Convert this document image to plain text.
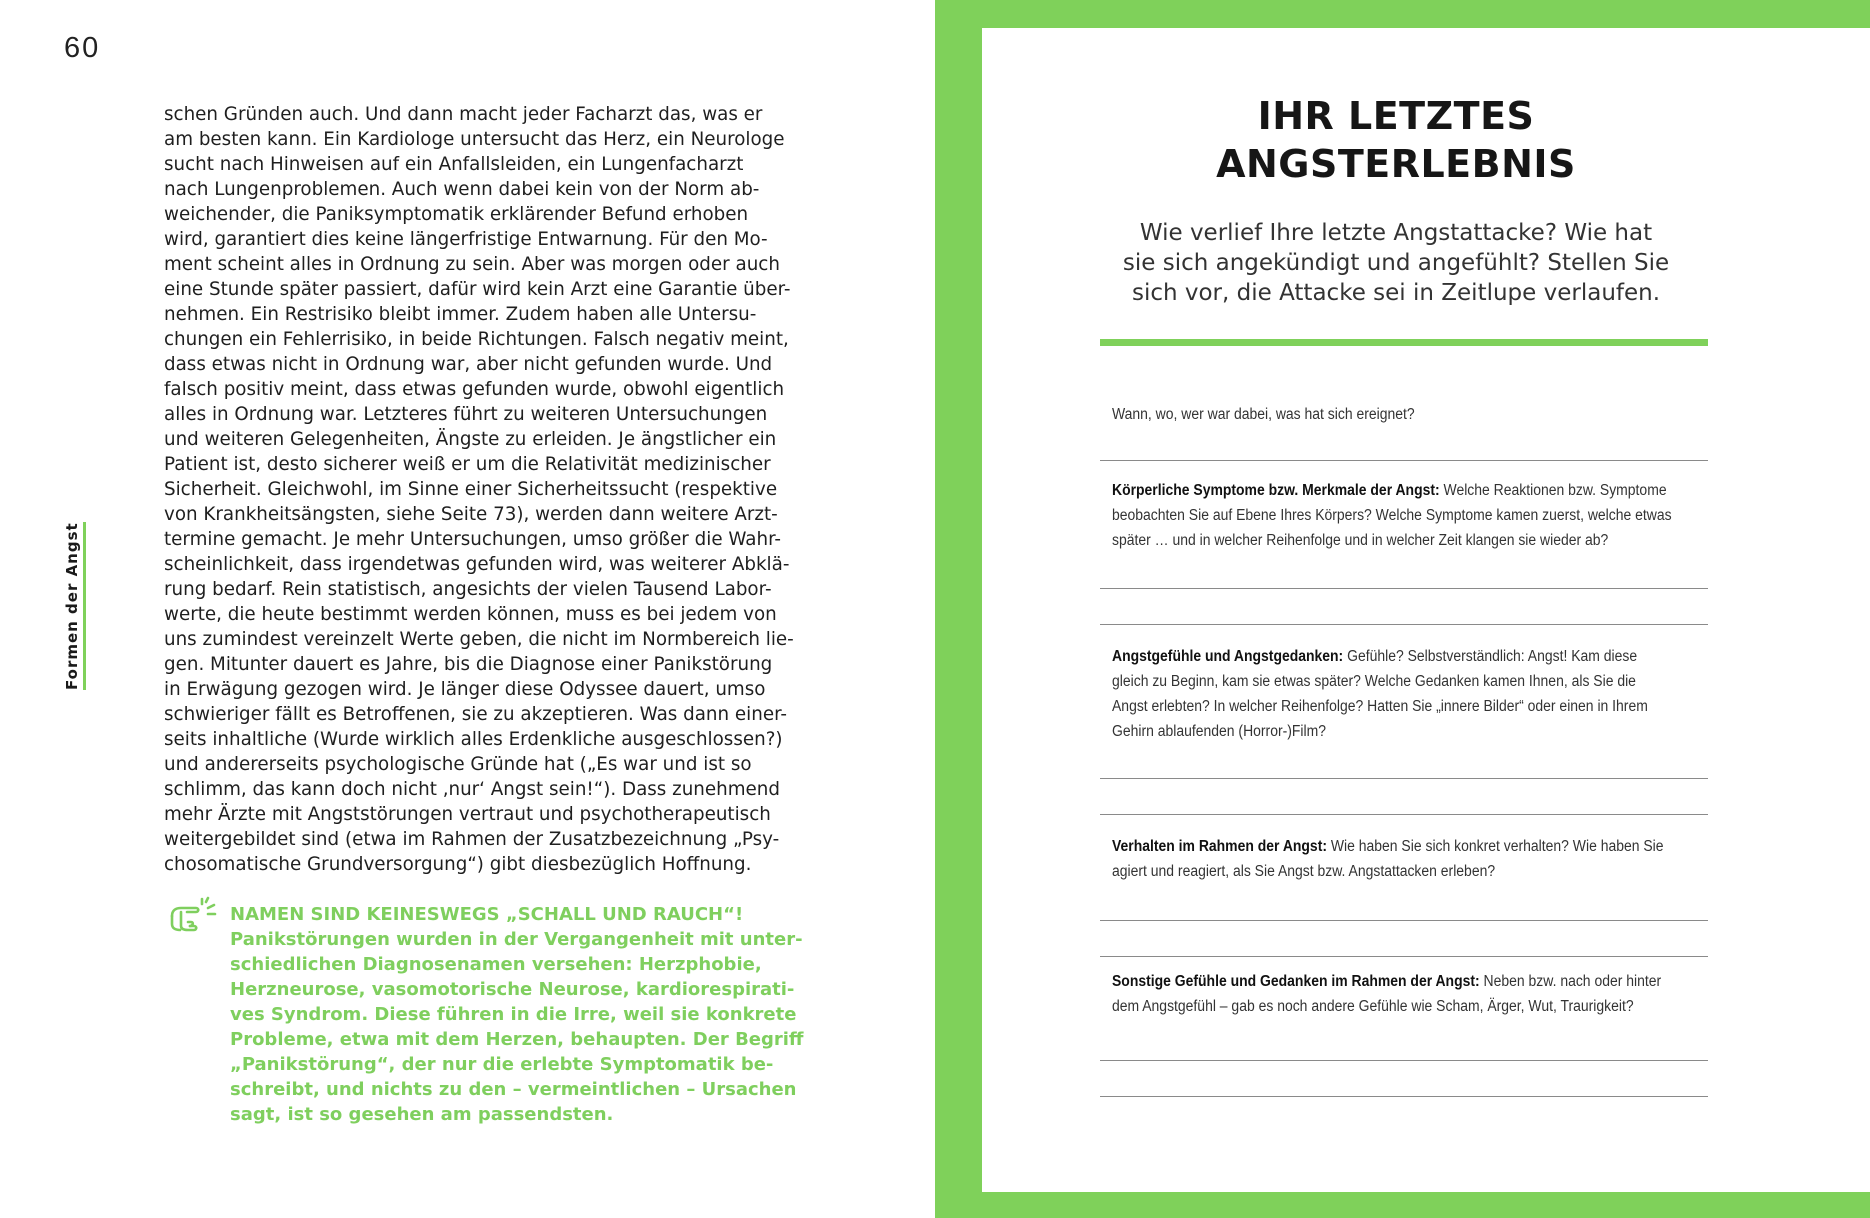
60
Formen der Angst
schen Gründen auch. Und dann macht jeder Facharzt das, was er
am besten kann. Ein Kardiologe untersucht das Herz, ein Neurologe
sucht nach Hinweisen auf ein Anfallsleiden, ein Lungenfacharzt
nach Lungenproblemen. Auch wenn dabei kein von der Norm ab-
weichender, die Paniksymptomatik erklärender Befund erhoben
wird, garantiert dies keine längerfristige Entwarnung. Für den Mo-
ment scheint alles in Ordnung zu sein. Aber was morgen oder auch
eine Stunde später passiert, dafür wird kein Arzt eine Garantie über-
nehmen. Ein Restrisiko bleibt immer. Zudem haben alle Untersu-
chungen ein Fehlerrisiko, in beide Richtungen. Falsch negativ meint,
dass etwas nicht in Ordnung war, aber nicht gefunden wurde. Und
falsch positiv meint, dass etwas gefunden wurde, obwohl eigentlich
alles in Ordnung war. Letzteres führt zu weiteren Untersuchungen
und weiteren Gelegenheiten, Ängste zu erleiden. Je ängstlicher ein
Patient ist, desto sicherer weiß er um die Relativität medizinischer
Sicherheit. Gleichwohl, im Sinne einer Sicherheitssucht (respektive
von Krankheitsängsten, siehe Seite 73), werden dann weitere Arzt-
termine gemacht. Je mehr Untersuchungen, umso größer die Wahr-
scheinlichkeit, dass irgendetwas gefunden wird, was weiterer Abklä-
rung bedarf. Rein statistisch, angesichts der vielen Tausend Labor-
werte, die heute bestimmt werden können, muss es bei jedem von
uns zumindest vereinzelt Werte geben, die nicht im Normbereich lie-
gen. Mitunter dauert es Jahre, bis die Diagnose einer Panikstörung
in Erwägung gezogen wird. Je länger diese Odyssee dauert, umso
schwieriger fällt es Betroffenen, sie zu akzeptieren. Was dann einer-
seits inhaltliche (Wurde wirklich alles Erdenkliche ausgeschlossen?)
und andererseits psychologische Gründe hat („Es war und ist so
schlimm, das kann doch nicht ‚nur‘ Angst sein!“). Dass zunehmend
mehr Ärzte mit Angststörungen vertraut und psychotherapeutisch
weitergebildet sind (etwa im Rahmen der Zusatzbezeichnung „Psy-
chosomatische Grundversorgung“) gibt diesbezüglich Hoffnung.
NAMEN SIND KEINESWEGS „SCHALL UND RAUCH“!
Panikstörungen wurden in der Vergangenheit mit unter-
schiedlichen Diagnosenamen versehen: Herzphobie,
Herzneurose, vasomotorische Neurose, kardiorespirati-
ves Syndrom. Diese führen in die Irre, weil sie konkrete
Probleme, etwa mit dem Herzen, behaupten. Der Begriff
„Panikstörung“, der nur die erlebte Symptomatik be-
schreibt, und nichts zu den – vermeintlichen – Ursachen
sagt, ist so gesehen am passendsten.
IHR LETZTES
ANGSTERLEBNIS
Wie verlief Ihre letzte Angstattacke? Wie hat
sie sich angekündigt und angefühlt? Stellen Sie
sich vor, die Attacke sei in Zeitlupe verlaufen.
Wann, wo, wer war dabei, was hat sich ereignet?
Körperliche Symptome bzw. Merkmale der Angst: Welche Reaktionen bzw. Symptome
beobachten Sie auf Ebene Ihres Körpers? Welche Symptome kamen zuerst, welche etwas
später … und in welcher Reihenfolge und in welcher Zeit klangen sie wieder ab?
Angstgefühle und Angstgedanken: Gefühle? Selbstverständlich: Angst! Kam diese
gleich zu Beginn, kam sie etwas später? Welche Gedanken kamen Ihnen, als Sie die
Angst erlebten? In welcher Reihenfolge? Hatten Sie „innere Bilder“ oder einen in Ihrem
Gehirn ablaufenden (Horror-)Film?
Verhalten im Rahmen der Angst: Wie haben Sie sich konkret verhalten? Wie haben Sie
agiert und reagiert, als Sie Angst bzw. Angstattacken erleben?
Sonstige Gefühle und Gedanken im Rahmen der Angst: Neben bzw. nach oder hinter
dem Angstgefühl – gab es noch andere Gefühle wie Scham, Ärger, Wut, Traurigkeit?
